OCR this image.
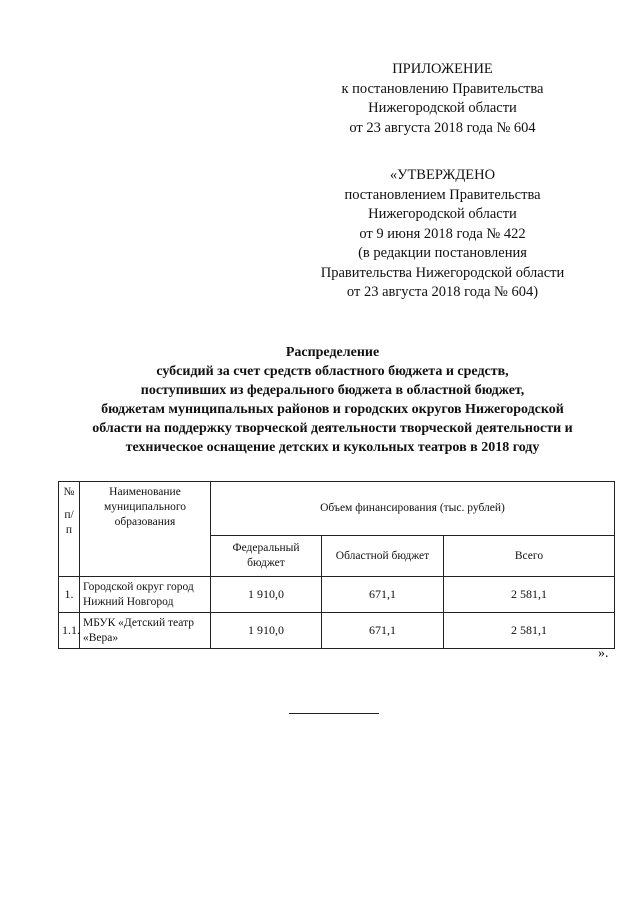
ПРИЛОЖЕНИЕ
к постановлению Правительства
Нижегородской области
от 23 августа 2018 года № 604
«УТВЕРЖДЕНО
постановлением Правительства
Нижегородской области
от 9 июня 2018 года № 422
(в редакции постановления
Правительства Нижегородской области
от 23 августа 2018 года № 604)
Распределение
субсидий за счет средств областного бюджета и средств,
поступивших из федерального бюджета в областной бюджет,
бюджетам муниципальных районов и городских округов Нижегородской
области на поддержку творческой деятельности творческой деятельности и
техническое оснащение детских и кукольных театров в 2018 году
№
п/п	Наименование муниципального образования	Объем финансирования (тыс. рублей)		
		Федеральный бюджет	Областной бюджет	Всего
1.	Городской округ город Нижний Новгород	1 910,0	671,1	2 581,1
1.1.	МБУК «Детский театр «Вера»	1 910,0	671,1	2 581,1
».
